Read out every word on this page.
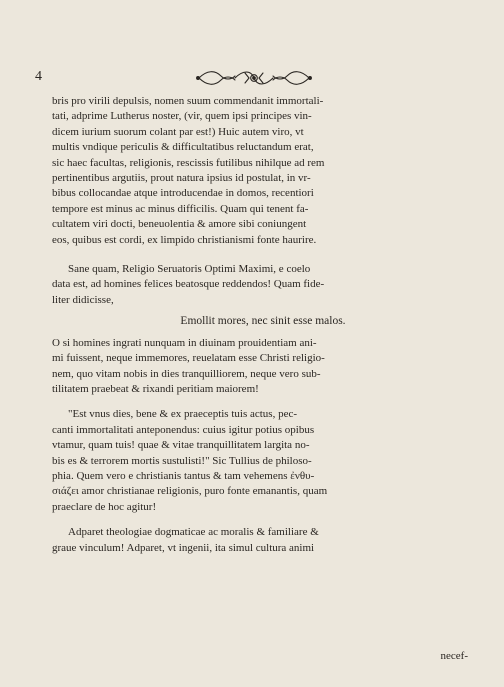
4
bris pro virili depulsis, nomen suum commendanit immortali-
tati, adprime Lutherus noster, (vir, quem ipsi principes vin-
dicem iurium suorum colant par est!) Huic autem viro, vt
multis vndique periculis & difficultatibus reluctandum erat,
sic haec facultas, religionis, rescissis futilibus nihilque ad rem
pertinentibus argutiis, prout natura ipsius id postulat, in vr-
bibus collocandae atque introducendae in domos, recentiori
tempore est minus ac minus difficilis. Quam qui tenent fa-
cultatem viri docti, beneuolentia & amore sibi coniungent
eos, quibus est cordi, ex limpido christianismi fonte haurire.
Sane quam, Religio Seruatoris Optimi Maximi, e coelo
data est, ad homines felices beatosque reddendos! Quam fide-
liter didicisse,
Emollit mores, nec sinit esse malos.
O si homines ingrati nunquam in diuinam prouidentiam ani-
mi fuissent, neque immemores, reuelatam esse Christi religio-
nem, quo vitam nobis in dies tranquilliorem, neque vero sub-
tilitatem praebeat & rixandi peritiam maiorem!
"Est vnus dies, bene & ex praeceptis tuis actus, pec-
canti immortalitati anteponendus: cuius igitur potius opibus
vtamur, quam tuis! quae & vitae tranquillitatem largita no-
bis es & terrorem mortis sustulisti!" Sic Tullius de philoso-
phia. Quem vero e christianis tantus & tam vehemens ἐνθυ-
σιάζει amor christianae religionis, puro fonte emanantis, quam
praeclare de hoc agitur!
Adparet theologiae dogmaticae ac moralis & familiare &
graue vinculum! Adparet, vt ingenii, ita simul cultura animi
necef-
